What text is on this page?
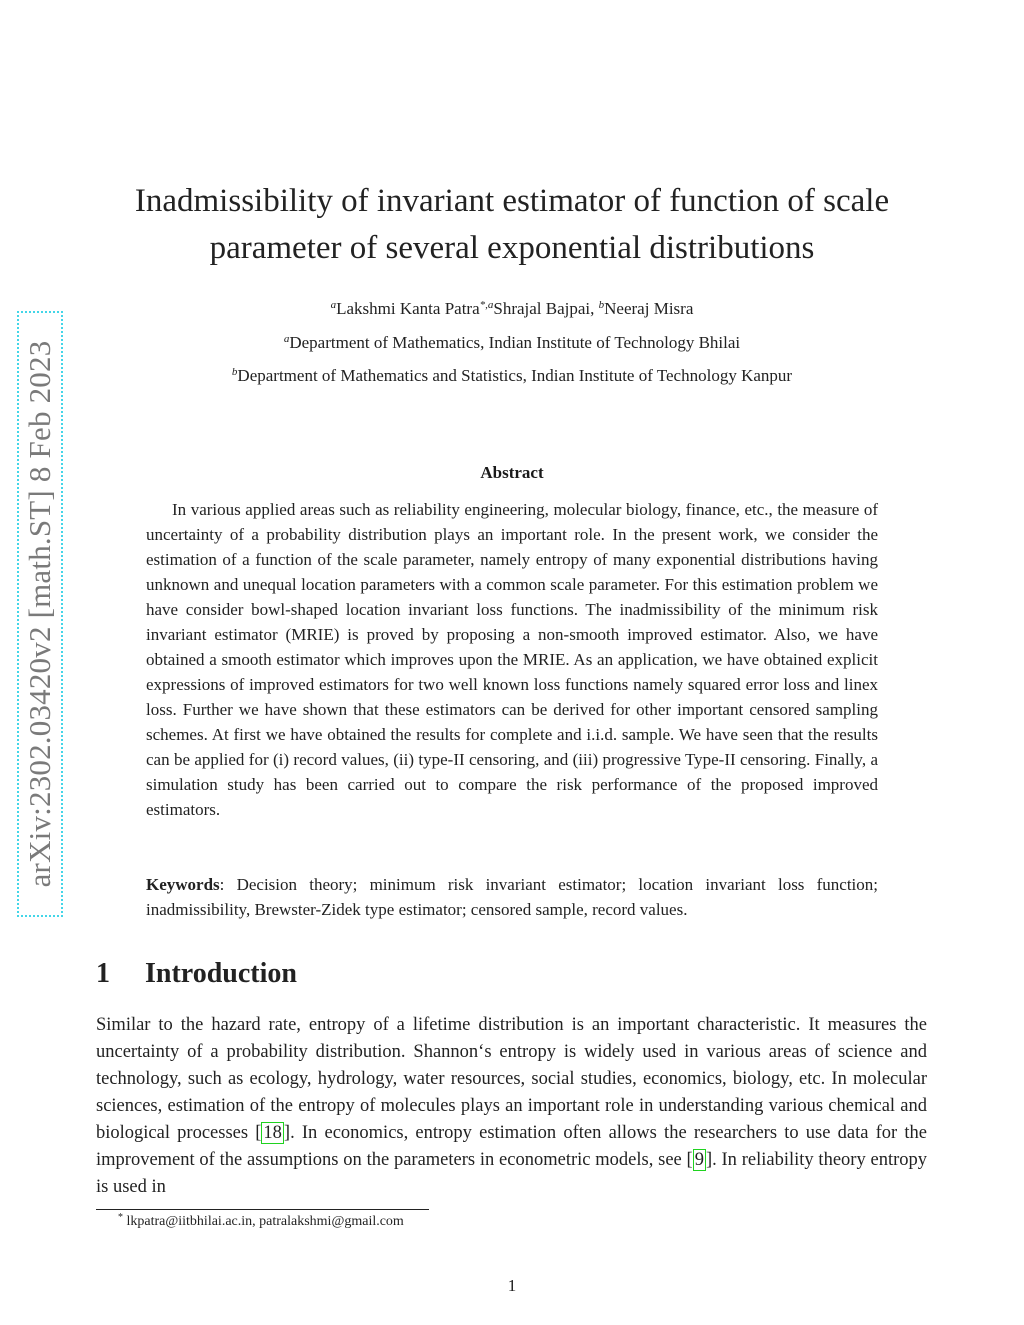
arXiv:2302.03420v2 [math.ST] 8 Feb 2023
Inadmissibility of invariant estimator of function of scale parameter of several exponential distributions
$^a$Lakshmi Kanta Patra$^{*,a}$Shrajal Bajpai, $^b$Neeraj Misra
$^a$Department of Mathematics, Indian Institute of Technology Bhilai
$^b$Department of Mathematics and Statistics, Indian Institute of Technology Kanpur
Abstract

In various applied areas such as reliability engineering, molecular biology, finance, etc., the measure of uncertainty of a probability distribution plays an important role. In the present work, we consider the estimation of a function of the scale parameter, namely entropy of many exponential distributions having unknown and unequal location parameters with a common scale parameter. For this estimation problem we have consider bowl-shaped location invariant loss functions. The inadmissibility of the minimum risk invariant estimator (MRIE) is proved by proposing a non-smooth improved estimator. Also, we have obtained a smooth estimator which improves upon the MRIE. As an application, we have obtained explicit expressions of improved estimators for two well known loss functions namely squared error loss and linex loss. Further we have shown that these estimators can be derived for other important censored sampling schemes. At first we have obtained the results for complete and i.i.d. sample. We have seen that the results can be applied for (i) record values, (ii) type-II censoring, and (iii) progressive Type-II censoring. Finally, a simulation study has been carried out to compare the risk performance of the proposed improved estimators.

Keywords: Decision theory; minimum risk invariant estimator; location invariant loss function; inadmissibility, Brewster-Zidek type estimator; censored sample, record values.

1 Introduction

Similar to the hazard rate, entropy of a lifetime distribution is an important characteristic. It measures the uncertainty of a probability distribution. Shannon‘s entropy is widely used in various areas of science and technology, such as ecology, hydrology, water resources, social studies, economics, biology, etc. In molecular sciences, estimation of the entropy of molecules plays an important role in understanding various chemical and biological processes [ 18 ]. In economics, entropy estimation often allows the researchers to use data for the improvement of the assumptions on the parameters in econometric models, see [ 9 ]. In reliability theory entropy is used in

* lkpatra@iitbhilai.ac.in, patralakshmi@gmail.com
1
